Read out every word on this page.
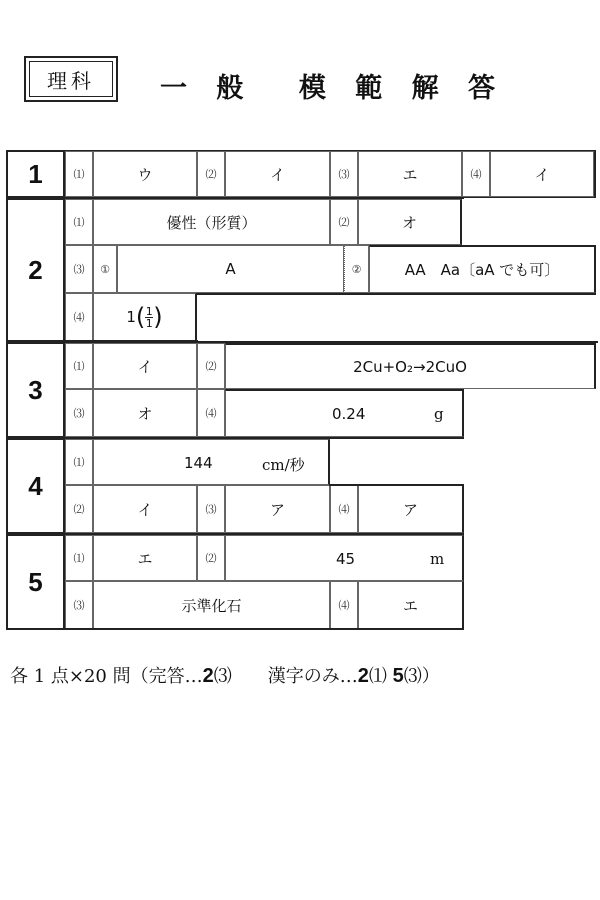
理科	一 般 模 範 解 答
1	⑴	ウ	⑵	イ	⑶	エ	⑷	イ
2
⑴	優性（形質）	⑵	オ
⑶	①	A	②	AA　Aa〔aA でも可〕
⑷	1 ( $\frac{1}{1}$ )
3
⑴	イ	⑵	2Cu+O₂→2CuO
⑶	オ	⑷	0.24	g
4
⑴	144	cm/秒
⑵	イ	⑶	ア	⑷	ア
5
⑴	エ	⑵	45	m
⑶	示準化石	⑷	エ
各 1 点×20 問（完答…2⑶　　漢字のみ…2⑴ 5⑶）
